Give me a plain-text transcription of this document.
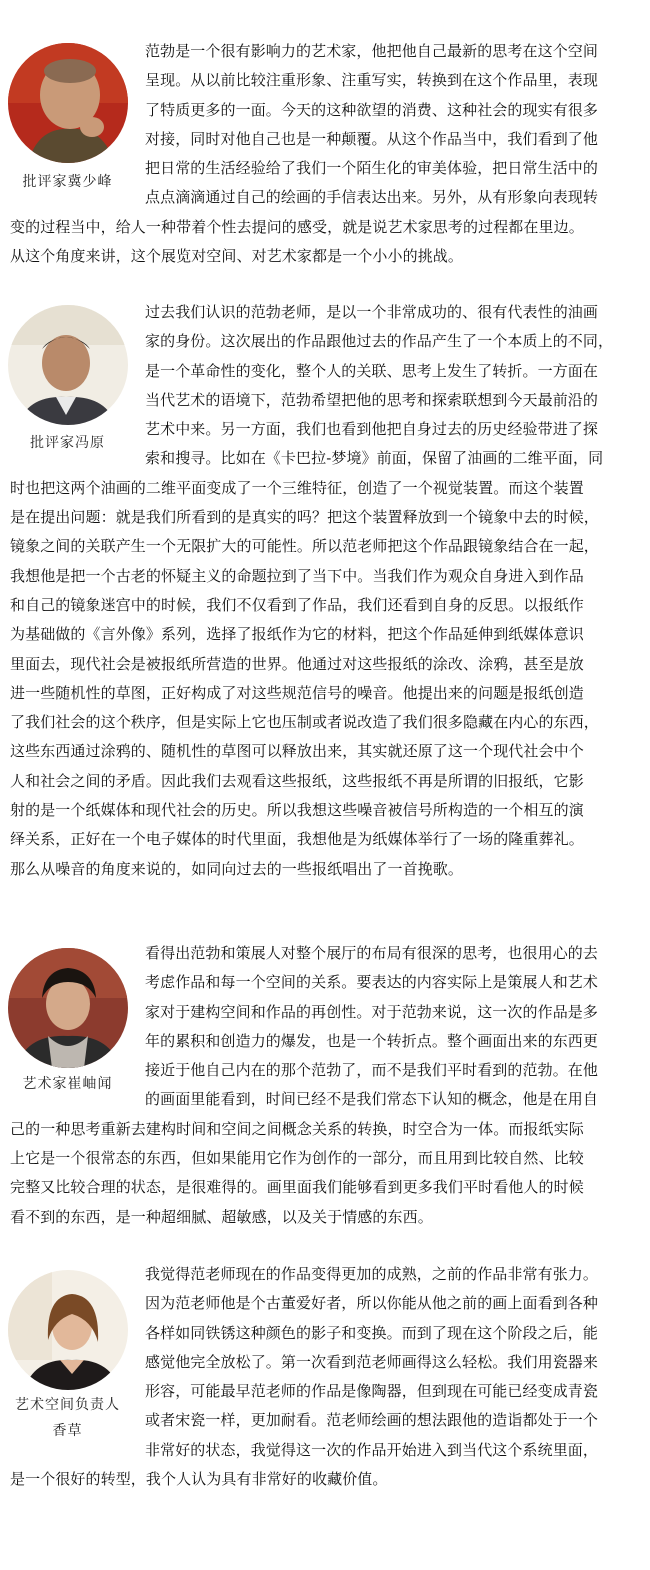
批评家冀少峰
范勃是一个很有影响力的艺术家，他把他自己最新的思考在这个空间
呈现。从以前比较注重形象、注重写实，转换到在这个作品里，表现
了特质更多的一面。今天的这种欲望的消费、这种社会的现实有很多
对接，同时对他自己也是一种颠覆。从这个作品当中，我们看到了他
把日常的生活经验给了我们一个陌生化的审美体验，把日常生活中的
点点滴滴通过自己的绘画的手信表达出来。另外，从有形象向表现转
变的过程当中，给人一种带着个性去提问的感受，就是说艺术家思考的过程都在里边。
从这个角度来讲，这个展览对空间、对艺术家都是一个小小的挑战。
批评家冯原
过去我们认识的范勃老师，是以一个非常成功的、很有代表性的油画
家的身份。这次展出的作品跟他过去的作品产生了一个本质上的不同，
是一个革命性的变化，整个人的关联、思考上发生了转折。一方面在
当代艺术的语境下，范勃希望把他的思考和探索联想到今天最前沿的
艺术中来。另一方面，我们也看到他把自身过去的历史经验带进了探
索和搜寻。比如在《卡巴拉-梦境》前面，保留了油画的二维平面，同
时也把这两个油画的二维平面变成了一个三维特征，创造了一个视觉装置。而这个装置
是在提出问题：就是我们所看到的是真实的吗？把这个装置释放到一个镜象中去的时候，
镜象之间的关联产生一个无限扩大的可能性。所以范老师把这个作品跟镜象结合在一起，
我想他是把一个古老的怀疑主义的命题拉到了当下中。当我们作为观众自身进入到作品
和自己的镜象迷宫中的时候，我们不仅看到了作品，我们还看到自身的反思。以报纸作
为基础做的《言外像》系列，选择了报纸作为它的材料，把这个作品延伸到纸媒体意识
里面去，现代社会是被报纸所营造的世界。他通过对这些报纸的涂改、涂鸦，甚至是放
进一些随机性的草图，正好构成了对这些规范信号的噪音。他提出来的问题是报纸创造
了我们社会的这个秩序，但是实际上它也压制或者说改造了我们很多隐藏在内心的东西，
这些东西通过涂鸦的、随机性的草图可以释放出来，其实就还原了这一个现代社会中个
人和社会之间的矛盾。因此我们去观看这些报纸，这些报纸不再是所谓的旧报纸，它影
射的是一个纸媒体和现代社会的历史。所以我想这些噪音被信号所构造的一个相互的演
绎关系，正好在一个电子媒体的时代里面，我想他是为纸媒体举行了一场的隆重葬礼。
那么从噪音的角度来说的，如同向过去的一些报纸唱出了一首挽歌。
艺术家崔岫闻
看得出范勃和策展人对整个展厅的布局有很深的思考，也很用心的去
考虑作品和每一个空间的关系。要表达的内容实际上是策展人和艺术
家对于建构空间和作品的再创性。对于范勃来说，这一次的作品是多
年的累积和创造力的爆发，也是一个转折点。整个画面出来的东西更
接近于他自己内在的那个范勃了，而不是我们平时看到的范勃。在他
的画面里能看到，时间已经不是我们常态下认知的概念，他是在用自
己的一种思考重新去建构时间和空间之间概念关系的转换，时空合为一体。而报纸实际
上它是一个很常态的东西，但如果能用它作为创作的一部分，而且用到比较自然、比较
完整又比较合理的状态，是很难得的。画里面我们能够看到更多我们平时看他人的时候
看不到的东西，是一种超细腻、超敏感，以及关于情感的东西。
艺术空间负责人
香草
我觉得范老师现在的作品变得更加的成熟，之前的作品非常有张力。
因为范老师他是个古董爱好者，所以你能从他之前的画上面看到各种
各样如同铁锈这种颜色的影子和变换。而到了现在这个阶段之后，能
感觉他完全放松了。第一次看到范老师画得这么轻松。我们用瓷器来
形容，可能最早范老师的作品是像陶器，但到现在可能已经变成青瓷
或者宋瓷一样，更加耐看。范老师绘画的想法跟他的造诣都处于一个
非常好的状态，我觉得这一次的作品开始进入到当代这个系统里面，
是一个很好的转型，我个人认为具有非常好的收藏价值。
